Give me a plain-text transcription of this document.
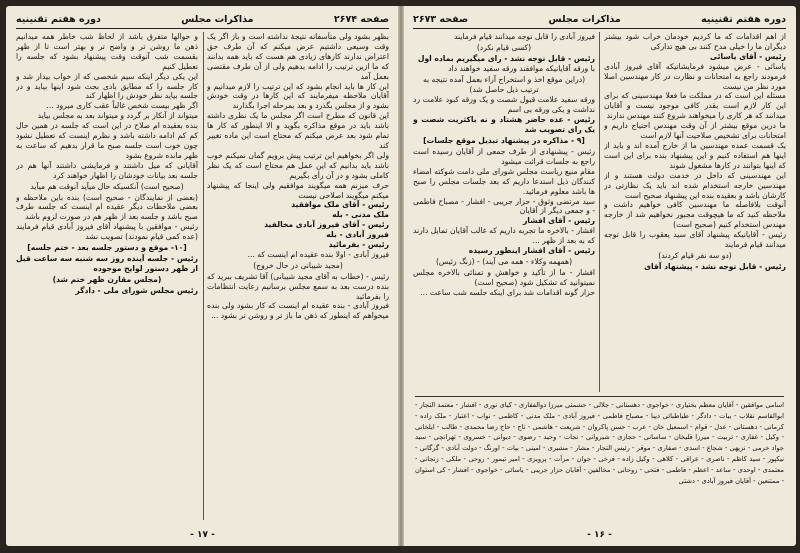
صفحه ۲۶۷۴
مذاکرات مجلس
دوره هفتم تقنینیه

بظهر بشود ولی متأسفانه نتیجهٔ نداشته است و باز اگر یک وقت وسیعی داشتیم عرض میکنم که آن طرف حق اعتراض ندارند کارهای زیادی هم هست که باید همه بدانند که ما ازین ترتیب را ادامه بدهیم ولی از آن طرف مقتضی بعمل آمد

این کار ها باید انجام بشود که این ترتیب را لازم میدانیم و آقایان ملاحظه میفرمایند که این کارها در وقت خودش بشود و از مجلس بگذرد و بعد بمرحله اجرا بگذارند

این قانون که مطرح است اگر مجلس ما یک نظری داشته باشد باید در موقع مذاکره بگوید و الا اینطور که کار ها تمام شود بعد عرض میکنم که محتاج است این ماده تغییر کند

ولی اگر بخواهیم این ترتیب پیش برویم گمان نمیکنم خوب باشد باید بدانیم که این عمل هم محتاج است که یک نظر کاملی بشود و در آن رأی بگیریم

حرف میزنم همه میگویند موافقیم ولی اینجا که پیشنهاد میکنم میگویند اصلاحی نیست

رئیس - آقای ملک موافقید

ملک مدنی - بله

رئیس - آقای فیروز آبادی مخالفید

فیروز آبادی - بله

رئیس - بفرمائید

فیروز آبادی - اولا بنده عقیده ام اینست که ...

(مجید شیبانی در حال خروج)

رئیس - (خطاب به آقای مجید شیبانی) آقا تشریف ببرید که بنده درست بعد به سمع مجلس برسانیم رعایت انتظامات را بفرمائید

فیروز آبادی - بنده عقیده ام اینست که کار بشود ولی بنده میخواهم که اینطور که ذهن ما باز تر و روشن تر بشود ...

و حوالها متفرق باشد از لحاظ شب خاطر همه میدانیم ذهن ما روشن تر و واضح تر و بهتر است تا از ظهر بقسمت شب آنوقت وقت پیشنهاد بشود که جلسه را تعطیل کنیم

این یکی دیگر اینکه سیم شخصی که از خواب بیدار شد و کار جلسه را که مطابق بادی بحث شود اینها بیاید و در جلسه بیاید نظر خودش را اظهار کند

اگر ظهر بیست شخص غالباً عقب کاری میرود ...

میتواند از آنکار بر گردد و میتواند بعد به مجلس بیاید

بنده بعقیده ام صلاح در این است که جلسه در همین حال کم کم ادامه داشته باشد و نظرم اینست که تعطیل نشود چون خوب است جلسه صبح ما قرار بدهیم که ساعت به ظهر مانده شروع بشود

آقایانی که میل داشتند و فرمایشی داشتند آنها هم در جلسه بعد بیانات خودشان را اظهار خواهند کرد

(صحیح است) آنکسیکه حال میآید آنوقت هم میآید

(بعضی از نمایندگان - صحیح است) بنده باین ملاحظه و بعضی ملاحظات دیگر عقیده ام اینست که جلسه طرف صبح باشد و جلسه بعد از ظهر هم در صورت لزوم باشد

رئیس - موافقین با پیشنهاد آقای فیروز آبادی قیام فرمایند (عده کمی قیام نمودند) تصویب نشد

[۱۰- موقع و دستور جلسه بعد - ختم جلسه]

رئیس - جلسه آینده روز سه شنبه سه ساعت قبل از ظهر دستور لوایح موجوده

(مجلس مقارن ظهر ختم شد)

رئیس مجلس شورای ملی - دادگر

- ۱۷ -
دوره هفتم تقنینیه
مذاکرات مجلس
صفحه ۲۶۷۳

از اهم اقدامات که ما کردیم خودمان خراب شود بیشتر دیگران ما را خیلی مدح کنند بی هیچ تدارکی

رئیس - آقای یاسائی

یاسائی - عرض میشود فرمایشاتیکه آقای فیروز آبادی فرمودند راجع به امتحانات و نظارت در کار مهندسین اصلا مورد نظر من نیست

مسئله این است که در مملکت ما فعلا مهندسینی که برای این کار لازم است بقدر کافی موجود نیست و آقایان میدانند که هر کاری را میخواهند شروع کنند مهندس ندارند

ما درین موقع بیشتر از آن وقت مهندس احتیاج داریم و امتحانات برای تشخیص صلاحیت آنها لازم است

یک قسمت عمده مهندسین ما از خارج آمده اند و باید از اینها هم استفاده کنیم و این پیشنهاد بنده برای این است که اینها بتوانند در کارها مشغول شوند

این مهندسینی که داخل در خدمت دولت هستند و از مهندسین خارجه استخدام شده اند باید یک نظارتی در کارشان باشد و بعقیده بنده این پیشنهاد صحیح است

آنوقت بلافاصله ما مهندسین کافی خواهیم داشت و ملاحظه کنید که ما هیچوقت مجبور نخواهیم شد از خارجه مهندس استخدام کنیم (صحیح است)

رئیس - آقایانیکه پیشنهاد آقای سید یعقوب را قابل توجه میدانند قیام فرمایند

(دو سه نفر قیام کردند)

رئیس - قابل توجه نشد - پیشنهاد آقای

فیروز آبادی را قابل توجه میدانند قیام فرمایند

(کسی قیام نکرد)

رئیس - قابل توجه نشد - رای میگیریم بماده اول

با ورقه آقایانیکه موافقند ورقه سفید خواهند داد

(دراین موقع اخذ و استخراج آراء بعمل آمده نتیجه به ترتیب ذیل حاصل شد)

ورقه سفید علامت قبول شصت و یک ورقه کبود علامت رد نداشت و یکی ورقه بی اسم

رئیس - عده حاضر هشتاد و نه باکثریت شصت و یک رای تصویب شد

[۹ - مذاکره در پیشنهاد تبدیل موقع جلسات]

رئیس - پیشنهادی از طرف جمعی از آقایان رسیده است راجع به جلسات قرائت میشود

مقام منیع ریاست مجلس شورای ملی دامت شوکته امضاء کنندگان ذیل استدعا داریم که بعد جلسات مجلس را صبح ها باشد معلوم فرمائید.

سید مرتضی وثوق - حزار جریبی - افشار - مصباح فاطمی - و جمعی دیگر از آقایان

رئیس - آقای افشار

افشار - بالاخره ما تجربه داریم که غالب آقایان تمایل دارند که به بعد از ظهر ...

رئیس - آقای افشار اینطور رسیده

(همهمه وکلاء - همه می آیند) - (زنگ رئیس)

افشار - ما از تأکید و خواهش و تمنائی بالاخره مجلس نمیتوانید که تشکیل شود (صحیح است)

حزار گونه اقدامات شد برای اینکه جلسه شب ساعت ...

اسامی موافقین - آقایان معظم بختیاری - خواجوی - دهستانی - جلالی - حشمتی میرزا دوالفقاری - کیای نوری - افشار - معتمد التجار - ابوالقاسم نقلاب - بیات - دادگر - طباطبائی دیبا - مصباح فاطمی - فیروز آبادی - ملک مدنی - کاظمی - نواب - اعتبار - ملک زاده - کرمانی - دهستانی - عدل - قوام - اسمعیل خان - عرب - حسن پاکروان - شریعت - هاشمی - تاج - حاج رضا محمدی - طالب - ایلخانی - وکیل - غفاری - تربیت - میرزا قلیخان - ساسانی - حجازی - شیروانی - نجات - وحید - رضوی - دیوانی - خسروی - تهرانچی - سید جواد خرمی - نزیهی - شجاع - اسدی - صفاری - موقر - رئیس التجار - مشار - مشیری - امینی - بیات - اورنگ - دولت آبادی - گرگانی - نیکپور - سید کاظم - ناصری - عراقی - کلاهی - وکیل زاده - فرخی - جوان - مرآت - پرویزی - امیر تیمور - روحی - ملکی - زنجانی - معتمدی - اوحدی - ساعد - اعظم - فاطمی - فتحی - روحانی - مخالفین - آقایان حزار جریبی - یاسائی - خواجوی - افشار - کی استوان - ممتنعین - آقایان فیروز آبادی - دشتی
- ۱۶ -
